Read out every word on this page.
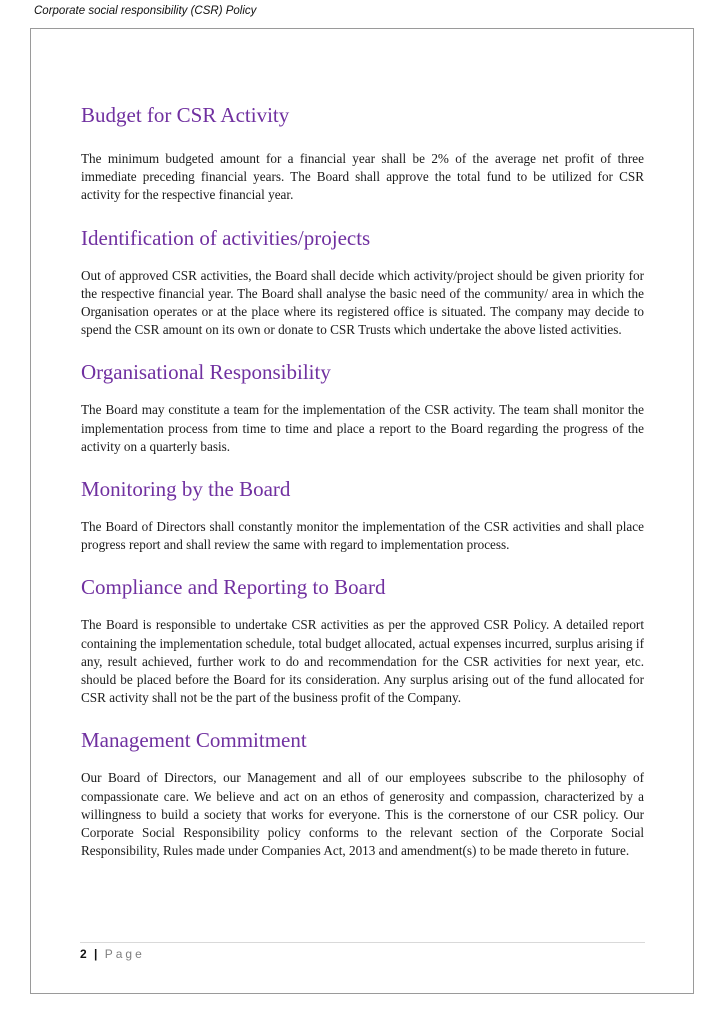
Corporate social responsibility (CSR) Policy
Budget for CSR Activity

The minimum budgeted amount for a financial year shall be 2% of the average net profit of three immediate preceding financial years. The Board shall approve the total fund to be utilized for CSR activity for the respective financial year.

Identification of activities/projects

Out of approved CSR activities, the Board shall decide which activity/project should be given priority for the respective financial year. The Board shall analyse the basic need of the community/ area in which the Organisation operates or at the place where its registered office is situated. The company may decide to spend the CSR amount on its own or donate to CSR Trusts which undertake the above listed activities.

Organisational Responsibility

The Board may constitute a team for the implementation of the CSR activity. The team shall monitor the implementation process from time to time and place a report to the Board regarding the progress of the activity on a quarterly basis.

Monitoring by the Board

The Board of Directors shall constantly monitor the implementation of the CSR activities and shall place progress report and shall review the same with regard to implementation process.

Compliance and Reporting to Board

The Board is responsible to undertake CSR activities as per the approved CSR Policy. A detailed report containing the implementation schedule, total budget allocated, actual expenses incurred, surplus arising if any, result achieved, further work to do and recommendation for the CSR activities for next year, etc. should be placed before the Board for its consideration. Any surplus arising out of the fund allocated for CSR activity shall not be the part of the business profit of the Company.

Management Commitment

Our Board of Directors, our Management and all of our employees subscribe to the philosophy of compassionate care. We believe and act on an ethos of generosity and compassion, characterized by a willingness to build a society that works for everyone. This is the cornerstone of our CSR policy. Our Corporate Social Responsibility policy conforms to the relevant section of the Corporate Social Responsibility, Rules made under Companies Act, 2013 and amendment(s) to be made thereto in future.

2 | Page
